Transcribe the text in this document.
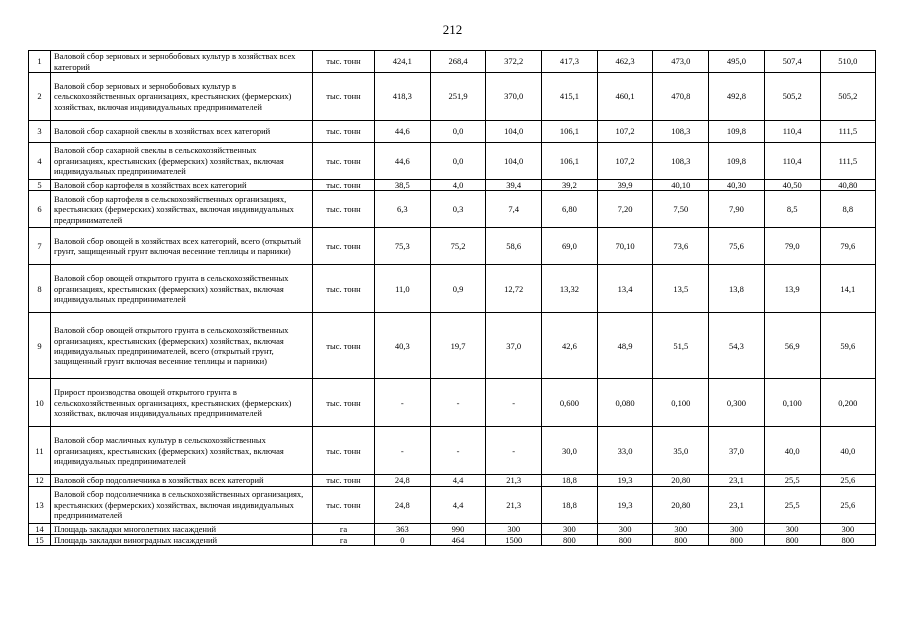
212
1	Валовой сбор зерновых и зернобобовых культур в хозяйствах всех категорий	тыс. тонн	424,1	268,4	372,2	417,3	462,3	473,0	495,0	507,4	510,0
2	Валовой сбор зерновых и зернобобовых культур в сельскохозяйственных организациях, крестьянских (фермерских) хозяйствах, включая индивидуальных предпринимателей	тыс. тонн	418,3	251,9	370,0	415,1	460,1	470,8	492,8	505,2	505,2
3	Валовой сбор сахарной свеклы в хозяйствах всех категорий	тыс. тонн	44,6	0,0	104,0	106,1	107,2	108,3	109,8	110,4	111,5
4	Валовой сбор сахарной свеклы в сельскохозяйственных организациях, крестьянских (фермерских) хозяйствах, включая индивидуальных предпринимателей	тыс. тонн	44,6	0,0	104,0	106,1	107,2	108,3	109,8	110,4	111,5
5	Валовой сбор картофеля в хозяйствах всех категорий	тыс. тонн	38,5	4,0	39,4	39,2	39,9	40,10	40,30	40,50	40,80
6	Валовой сбор картофеля в сельскохозяйственных организациях, крестьянских (фермерских) хозяйствах, включая индивидуальных предпринимателей	тыс. тонн	6,3	0,3	7,4	6,80	7,20	7,50	7,90	8,5	8,8
7	Валовой сбор овощей в хозяйствах всех категорий, всего (открытый грунт, защищенный грунт включая весенние теплицы и парники)	тыс. тонн	75,3	75,2	58,6	69,0	70,10	73,6	75,6	79,0	79,6
8	Валовой сбор овощей открытого грунта в сельскохозяйственных организациях, крестьянских (фермерских) хозяйствах, включая индивидуальных предпринимателей	тыс. тонн	11,0	0,9	12,72	13,32	13,4	13,5	13,8	13,9	14,1
9	Валовой сбор овощей открытого грунта в сельскохозяйственных организациях, крестьянских (фермерских) хозяйствах, включая индивидуальных предпринимателей, всего (открытый грунт, защищенный грунт включая весенние теплицы и парники)	тыс. тонн	40,3	19,7	37,0	42,6	48,9	51,5	54,3	56,9	59,6
10	Прирост производства овощей открытого грунта в сельскохозяйственных организациях, крестьянских (фермерских) хозяйствах, включая индивидуальных предпринимателей	тыс. тонн	-	-	-	0,600	0,080	0,100	0,300	0,100	0,200
11	Валовой сбор масличных культур в сельскохозяйственных организациях, крестьянских (фермерских) хозяйствах, включая индивидуальных предпринимателей	тыс. тонн	-	-	-	30,0	33,0	35,0	37,0	40,0	40,0
12	Валовой сбор подсолнечника в хозяйствах всех категорий	тыс. тонн	24,8	4,4	21,3	18,8	19,3	20,80	23,1	25,5	25,6
13	Валовой сбор подсолнечника в сельскохозяйственных организациях, крестьянских (фермерских) хозяйствах, включая индивидуальных предпринимателей	тыс. тонн	24,8	4,4	21,3	18,8	19,3	20,80	23,1	25,5	25,6
14	Площадь закладки многолетних насаждений	га	363	990	300	300	300	300	300	300	300
15	Площадь закладки виноградных насаждений	га	0	464	1500	800	800	800	800	800	800
